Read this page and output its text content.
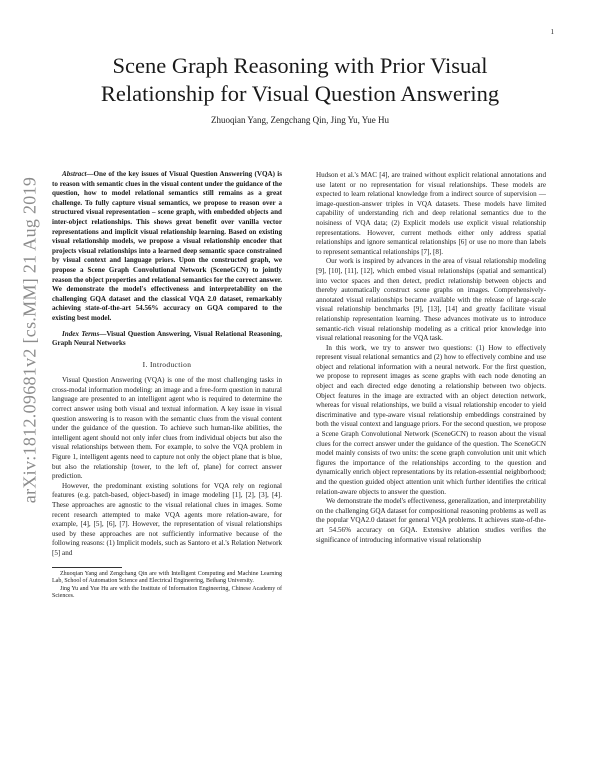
1
arXiv:1812.09681v2 [cs.MM] 21 Aug 2019
Scene Graph Reasoning with Prior Visual
Relationship for Visual Question Answering
Zhuoqian Yang, Zengchang Qin, Jing Yu, Yue Hu

Abstract—One of the key issues of Visual Question Answering (VQA) is to reason with semantic clues in the visual content under the guidance of the question, how to model relational semantics still remains as a great challenge. To fully capture visual semantics, we propose to reason over a structured visual representation – scene graph, with embedded objects and inter-object relationships. This shows great benefit over vanilla vector representations and implicit visual relationship learning. Based on existing visual relationship models, we propose a visual relationship encoder that projects visual relationships into a learned deep semantic space constrained by visual context and language priors. Upon the constructed graph, we propose a Scene Graph Convolutional Network (SceneGCN) to jointly reason the object properties and relational semantics for the correct answer. We demonstrate the model's effectiveness and interpretability on the challenging GQA dataset and the classical VQA 2.0 dataset, remarkably achieving state-of-the-art 54.56% accuracy on GQA compared to the existing best model.

Index Terms—Visual Question Answering, Visual Relational Reasoning, Graph Neural Networks

I. Introduction

Visual Question Answering (VQA) is one of the most challenging tasks in cross-modal information modeling: an image and a free-form question in natural language are presented to an intelligent agent who is required to determine the correct answer using both visual and textual information. A key issue in visual question answering is to reason with the semantic clues from the visual content under the guidance of the question. To achieve such human-like abilities, the intelligent agent should not only infer clues from individual objects but also the visual relationships between them. For example, to solve the VQA problem in Figure 1, intelligent agents need to capture not only the object plane that is blue, but also the relationship ⟨tower, to the left of, plane⟩ for correct answer prediction.

However, the predominant existing solutions for VQA rely on regional features (e.g. patch-based, object-based) in image modeling [1], [2], [3], [4]. These approaches are agnostic to the visual relational clues in images. Some recent research attempted to make VQA agents more relation-aware, for example, [4], [5], [6], [7]. However, the representation of visual relationships used by these approaches are not sufficiently informative because of the following reasons: (1) Implicit models, such as Santoro et al.'s Relation Network [5] and

Zhuoqian Yang and Zengchang Qin are with Intelligent Computing and Machine Learning Lab, School of Automation Science and Electrical Engineering, Beihang University.

Jing Yu and Yue Hu are with the Institute of Information Engineering, Chinese Academy of Sciences.

Hudson et al.'s MAC [4], are trained without explicit relational annotations and use latent or no representation for visual relationships. These models are expected to learn relational knowledge from a indirect source of supervision — image-question-answer triples in VQA datasets. These models have limited capability of understanding rich and deep relational semantics due to the noisiness of VQA data; (2) Explicit models use explicit visual relationship representations. However, current methods either only address spatial relationships and ignore semantical relationships [6] or use no more than labels to represent semantical relationships [7], [8].

Our work is inspired by advances in the area of visual relationship modeling [9], [10], [11], [12], which embed visual relationships (spatial and semantical) into vector spaces and then detect, predict relationship between objects and thereby automatically construct scene graphs on images. Comprehensively-annotated visual relationships became available with the release of large-scale visual relationship benchmarks [9], [13], [14] and greatly facilitate visual relationship representation learning. These advances motivate us to introduce semantic-rich visual relationship modeling as a critical prior knowledge into visual relational reasoning for the VQA task.

In this work, we try to answer two questions: (1) How to effectively represent visual relational semantics and (2) how to effectively combine and use object and relational information with a neural network. For the first question, we propose to represent images as scene graphs with each node denoting an object and each directed edge denoting a relationship between two objects. Object features in the image are extracted with an object detection network, whereas for visual relationships, we build a visual relationship encoder to yield discriminative and type-aware visual relationship embeddings constrained by both the visual context and language priors. For the second question, we propose a Scene Graph Convolutional Network (SceneGCN) to reason about the visual clues for the correct answer under the guidance of the question. The SceneGCN model mainly consists of two units: the scene graph convolution unit unit which figures the importance of the relationships according to the question and dynamically enrich object representations by its relation-essential neighborhood; and the question guided object attention unit which further identifies the critical relation-aware objects to answer the question.

We demonstrate the model's effectiveness, generalization, and interpretability on the challenging GQA dataset for compositional reasoning problems as well as the popular VQA2.0 dataset for general VQA problems. It achieves state-of-the-art 54.56% accuracy on GQA. Extensive ablation studies verifies the significance of introducing informative visual relationship
